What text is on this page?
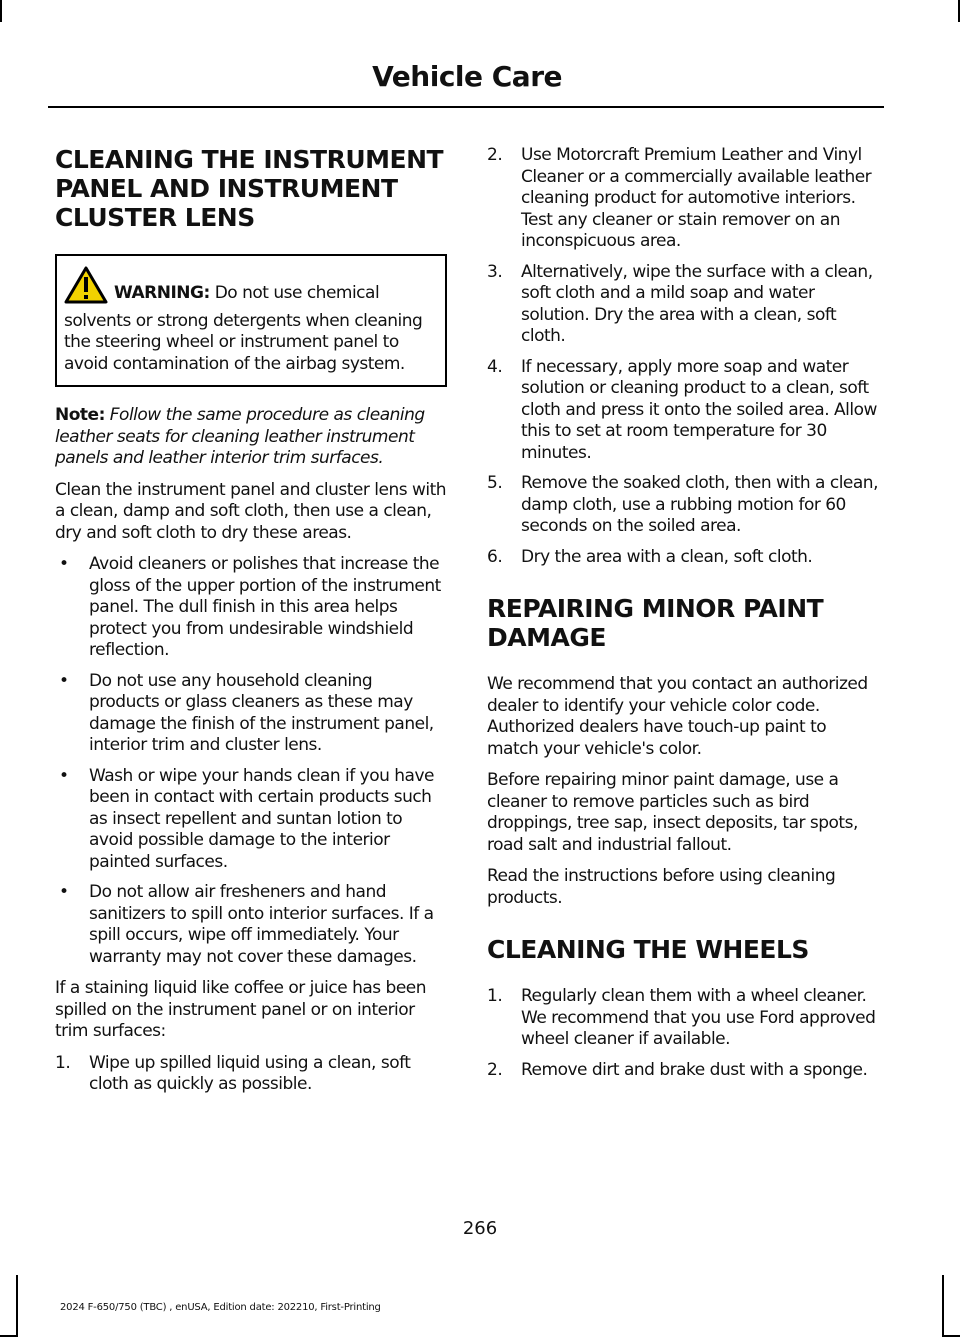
Vehicle Care
CLEANING THE INSTRUMENT
PANEL AND INSTRUMENT
CLUSTER LENS
WARNING: Do not use chemical solvents or strong detergents when cleaning the steering wheel or instrument panel to avoid contamination of the airbag system.

Note: Follow the same procedure as cleaning leather seats for cleaning leather instrument panels and leather interior trim surfaces.

Clean the instrument panel and cluster lens with a clean, damp and soft cloth, then use a clean, dry and soft cloth to dry these areas.

• Avoid cleaners or polishes that increase the gloss of the upper portion of the instrument panel. The dull finish in this area helps protect you from undesirable windshield reflection.
• Do not use any household cleaning products or glass cleaners as these may damage the finish of the instrument panel, interior trim and cluster lens.
• Wash or wipe your hands clean if you have been in contact with certain products such as insect repellent and suntan lotion to avoid possible damage to the interior painted surfaces.
• Do not allow air fresheners and hand sanitizers to spill onto interior surfaces. If a spill occurs, wipe off immediately. Your warranty may not cover these damages.

If a staining liquid like coffee or juice has been spilled on the instrument panel or on interior trim surfaces:

1. Wipe up spilled liquid using a clean, soft cloth as quickly as possible.
2. Use Motorcraft Premium Leather and Vinyl Cleaner or a commercially available leather cleaning product for automotive interiors. Test any cleaner or stain remover on an inconspicuous area.
3. Alternatively, wipe the surface with a clean, soft cloth and a mild soap and water solution. Dry the area with a clean, soft cloth.
4. If necessary, apply more soap and water solution or cleaning product to a clean, soft cloth and press it onto the soiled area. Allow this to set at room temperature for 30 minutes.
5. Remove the soaked cloth, then with a clean, damp cloth, use a rubbing motion for 60 seconds on the soiled area.
6. Dry the area with a clean, soft cloth.
REPAIRING MINOR PAINT
DAMAGE

We recommend that you contact an authorized dealer to identify your vehicle color code. Authorized dealers have touch-up paint to match your vehicle's color.

Before repairing minor paint damage, use a cleaner to remove particles such as bird droppings, tree sap, insect deposits, tar spots, road salt and industrial fallout.

Read the instructions before using cleaning products.

CLEANING THE WHEELS
1. Regularly clean them with a wheel cleaner. We recommend that you use Ford approved wheel cleaner if available.
2. Remove dirt and brake dust with a sponge.

266

2024 F-650/750 (TBC) , enUSA, Edition date: 202210, First-Printing
